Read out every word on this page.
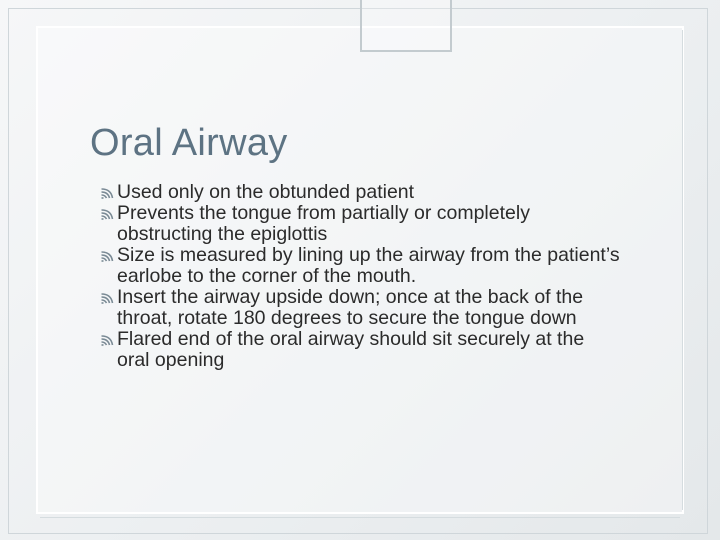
Oral Airway
Used only on the obtunded patient
Prevents the tongue from partially or completely obstructing the epiglottis
Size is measured by lining up the airway from the patient’s earlobe to the corner of the mouth.
Insert the airway upside down; once at the back of the throat, rotate 180 degrees to secure the tongue down
Flared end of the oral airway should sit securely at the oral opening
